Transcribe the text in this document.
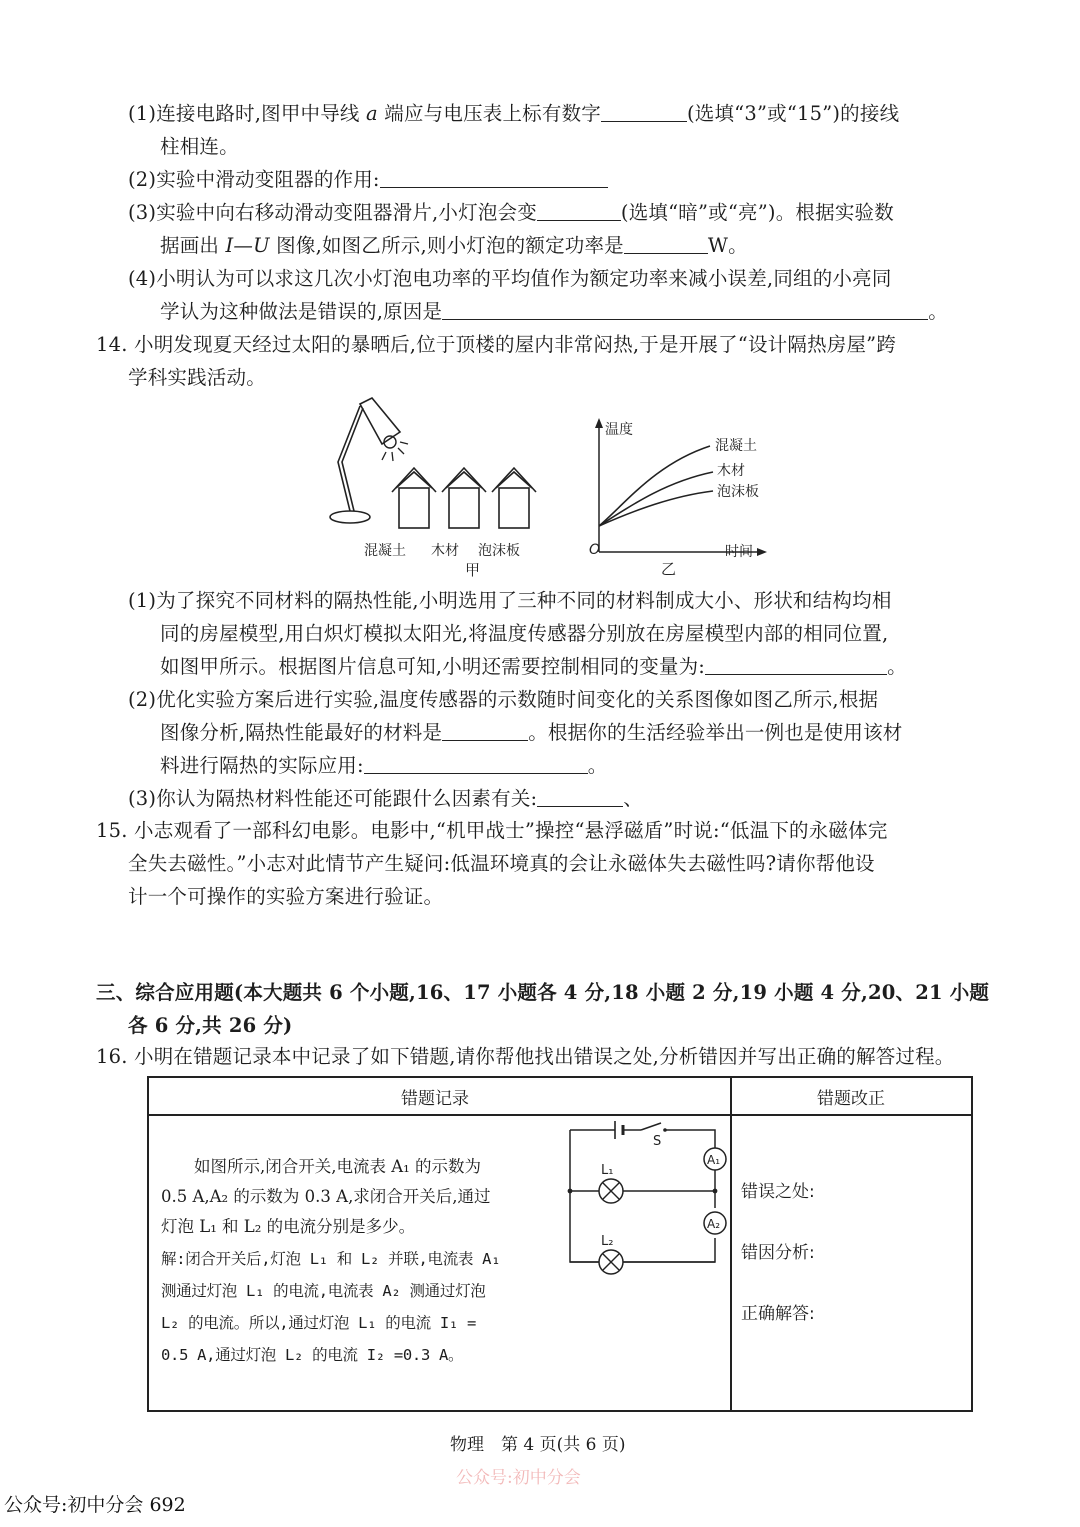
(1)连接电路时,图甲中导线 a 端应与电压表上标有数字	(选填“3”或“15”)的接线
柱相连。
(2)实验中滑动变阻器的作用:
(3)实验中向右移动滑动变阻器滑片,小灯泡会变	(选填“暗”或“亮”)。根据实验数
据画出 I—U 图像,如图乙所示,则小灯泡的额定功率是	W。
(4)小明认为可以求这几次小灯泡电功率的平均值作为额定功率来减小误差,同组的小亮同
学认为这种做法是错误的,原因是	。
14. 小明发现夏天经过太阳的暴晒后,位于顶楼的屋内非常闷热,于是开展了“设计隔热房屋”跨
学科实践活动。
混凝土 木材 泡沫板
甲
温度
时间
O
混凝土
木材
泡沫板
乙
(1)为了探究不同材料的隔热性能,小明选用了三种不同的材料制成大小、形状和结构均相
同的房屋模型,用白炽灯模拟太阳光,将温度传感器分别放在房屋模型内部的相同位置,
如图甲所示。根据图片信息可知,小明还需要控制相同的变量为:	。
(2)优化实验方案后进行实验,温度传感器的示数随时间变化的关系图像如图乙所示,根据
图像分析,隔热性能最好的材料是	。根据你的生活经验举出一例也是使用该材
料进行隔热的实际应用:	。
(3)你认为隔热材料性能还可能跟什么因素有关:	、
15. 小志观看了一部科幻电影。电影中,“机甲战士”操控“悬浮磁盾”时说:“低温下的永磁体完
全失去磁性。”小志对此情节产生疑问:低温环境真的会让永磁体失去磁性吗?请你帮他设
计一个可操作的实验方案进行验证。
三、综合应用题(本大题共 6 个小题,16、17 小题各 4 分,18 小题 2 分,19 小题 4 分,20、21 小题
各 6 分,共 26 分)
16. 小明在错题记录本中记录了如下错题,请你帮他找出错误之处,分析错因并写出正确的解答过程。
错题记录	错题改正
　　如图所示,闭合开关,电流表 A₁ 的示数为
0.5 A,A₂ 的示数为 0.3 A,求闭合开关后,通过
灯泡 L₁ 和 L₂ 的电流分别是多少。
解:闭合开关后,灯泡 L₁ 和 L₂ 并联,电流表 A₁
测通过灯泡 L₁ 的电流,电流表 A₂ 测通过灯泡
L₂ 的电流。所以,通过灯泡 L₁ 的电流 I₁ =
0.5 A,通过灯泡 L₂ 的电流 I₂ =0.3 A。
错误之处:
错因分析:
正确解答:
S
A₁
A₂
L₁
L₂
物理　第 4 页(共 6 页)
公众号:初中分会
公众号:初中分会 692
